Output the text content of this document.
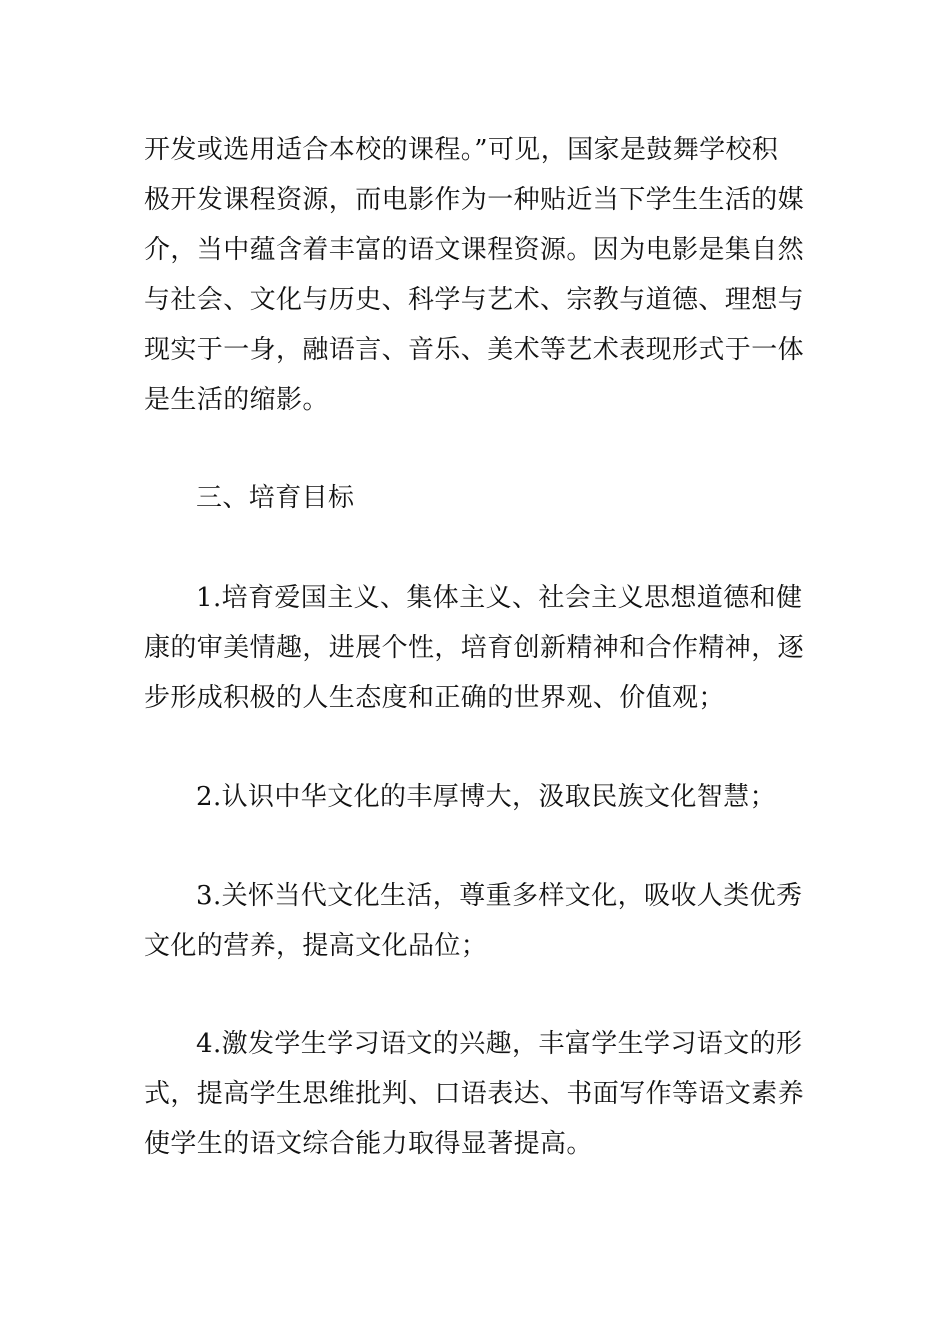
开发或选用适合本校的课程。”可见，国家是鼓舞学校积
极开发课程资源，而电影作为一种贴近当下学生生活的媒
介，当中蕴含着丰富的语文课程资源。因为电影是集自然
与社会、文化与历史、科学与艺术、宗教与道德、理想与
现实于一身，融语言、音乐、美术等艺术表现形式于一体
是生活的缩影。
三、培育目标
1.培育爱国主义、集体主义、社会主义思想道德和健
康的审美情趣，进展个性，培育创新精神和合作精神，逐
步形成积极的人生态度和正确的世界观、价值观；
2.认识中华文化的丰厚博大，汲取民族文化智慧；
3.关怀当代文化生活，尊重多样文化，吸收人类优秀
文化的营养，提高文化品位；
4.激发学生学习语文的兴趣，丰富学生学习语文的形
式，提高学生思维批判、口语表达、书面写作等语文素养
使学生的语文综合能力取得显著提高。
